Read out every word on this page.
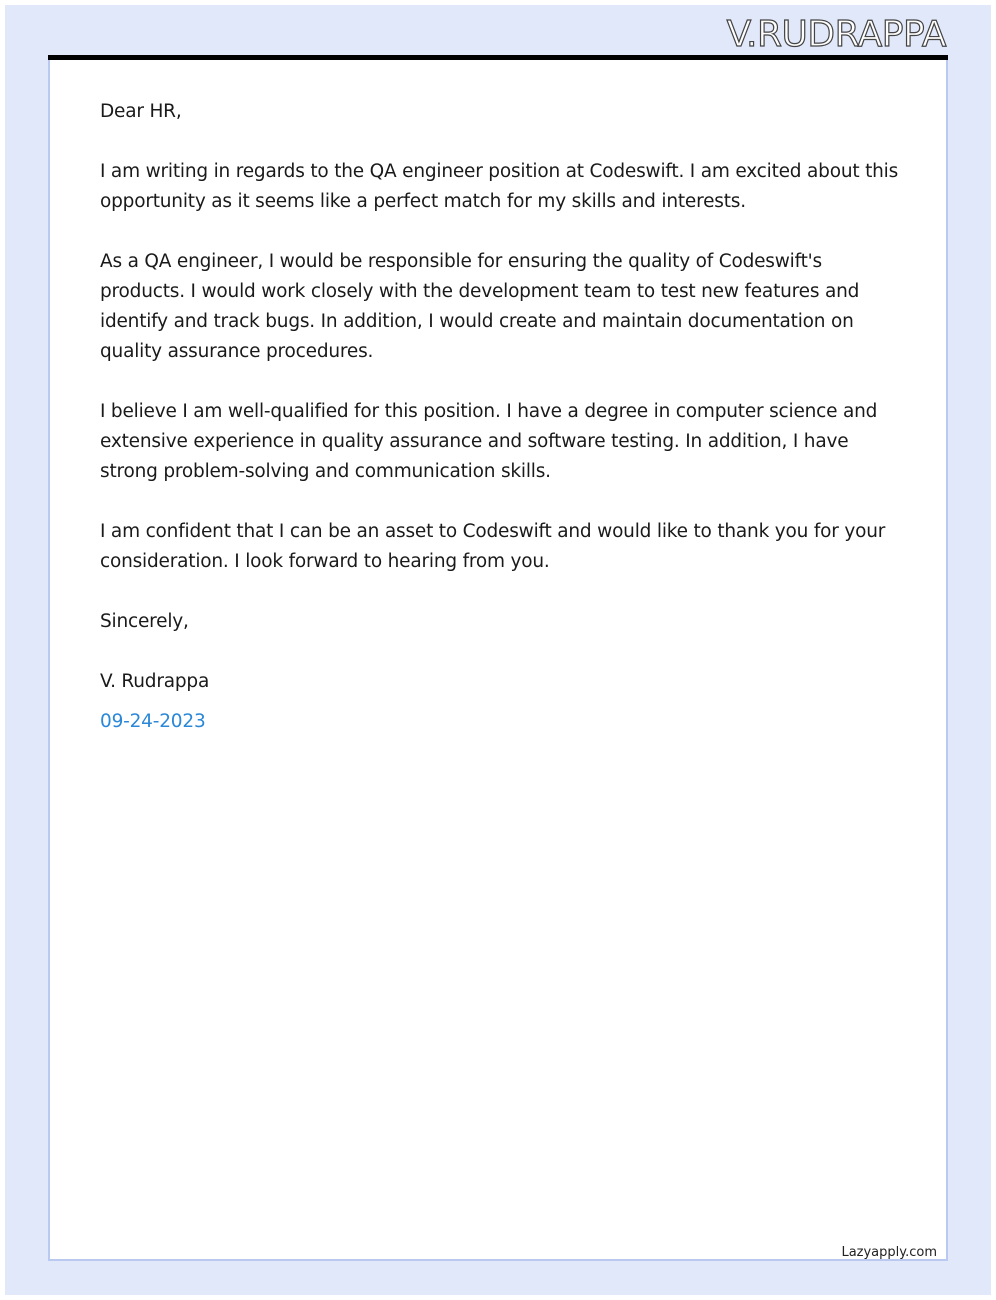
V.RUDRAPPA

Dear HR,

I am writing in regards to the QA engineer position at Codeswift. I am excited about this opportunity as it seems like a perfect match for my skills and interests.

As a QA engineer, I would be responsible for ensuring the quality of Codeswift's products. I would work closely with the development team to test new features and identify and track bugs. In addition, I would create and maintain documentation on quality assurance procedures.

I believe I am well-qualified for this position. I have a degree in computer science and extensive experience in quality assurance and software testing. In addition, I have strong problem-solving and communication skills.

I am confident that I can be an asset to Codeswift and would like to thank you for your consideration. I look forward to hearing from you.

Sincerely,

V. Rudrappa

09-24-2023

Lazyapply.com
